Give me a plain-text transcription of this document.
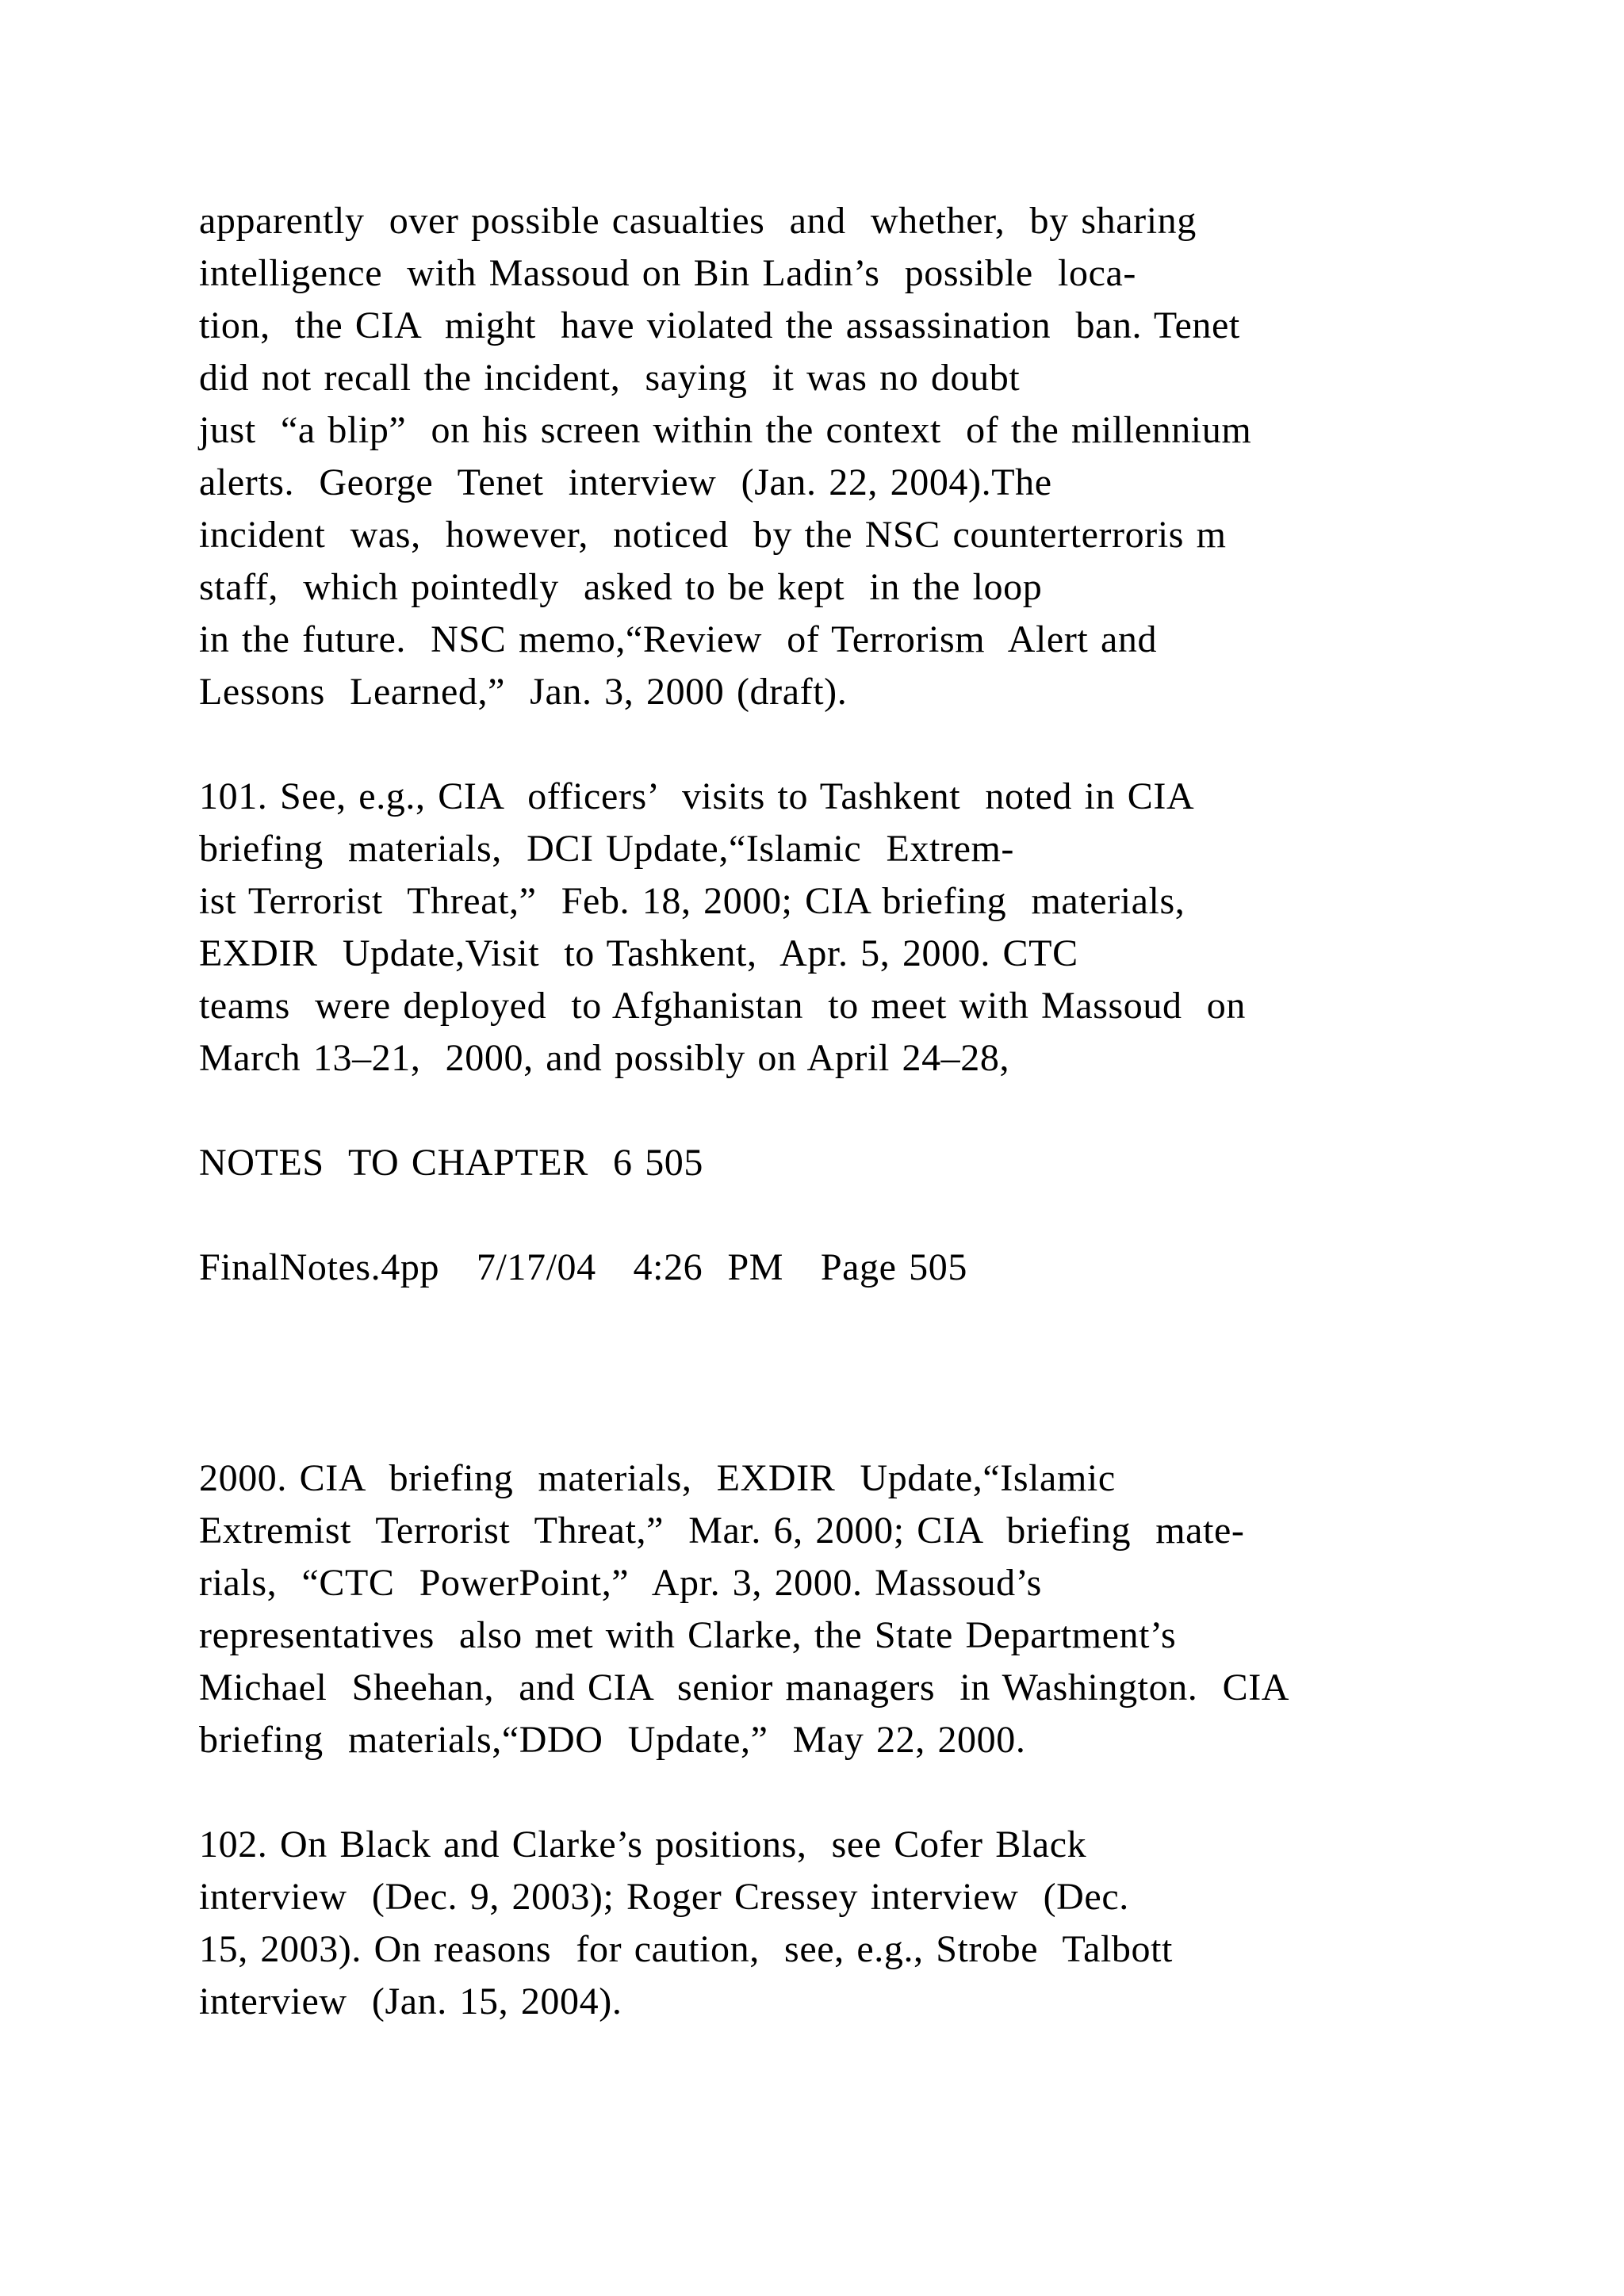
apparently  over possible casualties  and  whether,  by sharing

intelligence  with Massoud on Bin Ladin’s  possible  loca-

tion,  the CIA  might  have violated the assassination  ban. Tenet

did not recall the incident,  saying  it was no doubt

just  “a blip”  on his screen within the context  of the millennium

alerts.  George  Tenet  interview  (Jan. 22, 2004).The

incident  was,  however,  noticed  by the NSC counterterroris m

staff,  which pointedly  asked to be kept  in the loop

in the future.  NSC memo,“Review  of Terrorism  Alert and

Lessons  Learned,”  Jan. 3, 2000 (draft).

101. See, e.g., CIA  officers’  visits to Tashkent  noted in CIA

briefing  materials,  DCI Update,“Islamic  Extrem-

ist Terrorist  Threat,”  Feb. 18, 2000; CIA briefing  materials,

EXDIR  Update,Visit  to Tashkent,  Apr. 5, 2000. CTC

teams  were deployed  to Afghanistan  to meet with Massoud  on

March 13–21,  2000, and possibly on April 24–28,

NOTES  TO CHAPTER  6 505

FinalNotes.4pp   7/17/04   4:26  PM   Page 505

2000. CIA  briefing  materials,  EXDIR  Update,“Islamic

Extremist  Terrorist  Threat,”  Mar. 6, 2000; CIA  briefing  mate-

rials,  “CTC  PowerPoint,”  Apr. 3, 2000. Massoud’s

representatives  also met with Clarke, the State Department’s

Michael  Sheehan,  and CIA  senior managers  in Washington.  CIA

briefing  materials,“DDO  Update,”  May 22, 2000.

102. On Black and Clarke’s positions,  see Cofer Black

interview  (Dec. 9, 2003); Roger Cressey interview  (Dec.

15, 2003). On reasons  for caution,  see, e.g., Strobe  Talbott

interview  (Jan. 15, 2004).
